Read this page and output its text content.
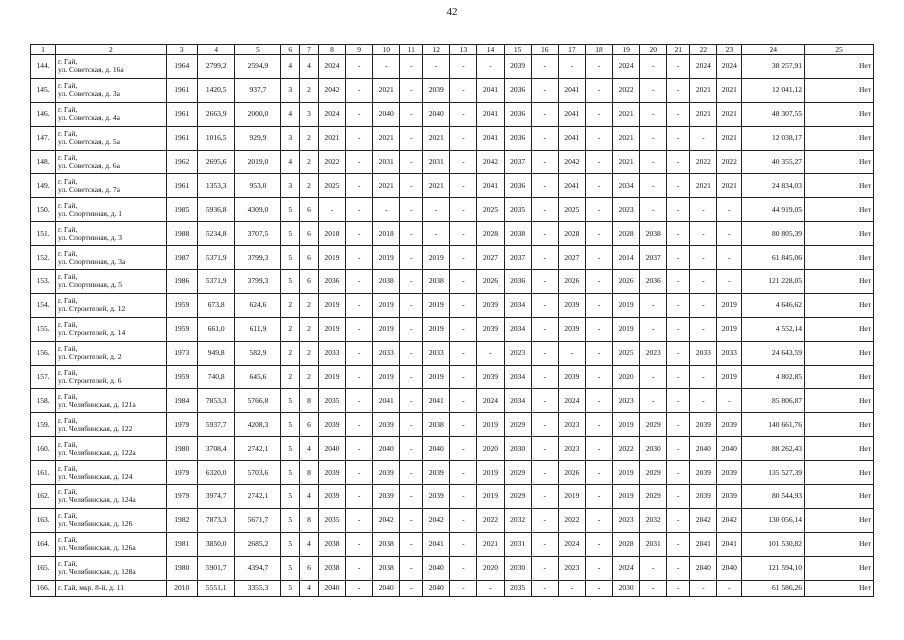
42
1	2	3	4	5	6	7	8	9	10	11	12	13	14	15	16	17	18	19	20	21	22	23	24	25
144.	г. Гай,
ул. Советская, д. 16а	1964	2799,2	2594,9	4	4	2024	-	-	-	-	-	-	2039	-	-	-	2024	-	-	2024	2024	38 257,91	Нет
145.	г. Гай,
ул. Советская, д. 3а	1961	1420,5	937,7	3	2	2042	-	2021	-	2039	-	2041	2036	-	2041	-	2022	-	-	2021	2021	12 041,12	Нет
146.	г. Гай,
ул. Советская, д. 4а	1961	2663,9	2000,0	4	3	2024	-	2040	-	2040	-	2041	2036	-	2041	-	2021	-	-	2021	2021	48 307,55	Нет
147.	г. Гай,
ул. Советская, д. 5а	1961	1016,5	929,9	3	2	2021	-	2021	-	2021	-	2041	2036	-	2041	-	2021	-	-	-	2021	12 038,17	Нет
148.	г. Гай,
ул. Советская, д. 6а	1962	2695,6	2019,0	4	2	2022	-	2031	-	2031	-	2042	2037	-	2042	-	2021	-	-	2022	2022	40 355,27	Нет
149.	г. Гай,
ул. Советская, д. 7а	1961	1353,3	953,0	3	2	2025	-	2021	-	2021	-	2041	2036	-	2041	-	2034	-	-	2021	2021	24 834,03	Нет
150.	г. Гай,
ул. Спортивная, д. 1	1985	5936,8	4309,0	5	6	-	-	-	-	-	-	2025	2035	-	2025	-	2023	-	-	-	-	44 919,05	Нет
151.	г. Гай,
ул. Спортивная, д. 3	1988	5234,8	3707,5	5	6	2018	-	2018	-	-	-	2028	2038	-	2028	-	2028	2038	-	-	-	80 805,39	Нет
152.	г. Гай,
ул. Спортивная, д. 3а	1987	5371,9	3799,3	5	6	2019	-	2019	-	2019	-	2027	2037	-	2027	-	2014	2037	-	-	-	61 845,06	Нет
153.	г. Гай,
ул. Спортивная, д. 5	1986	5371,9	3799,3	5	6	2036	-	2038	-	2038	-	2026	2036	-	2026	-	2026	2036	-	-	-	121 228,05	Нет
154.	г. Гай,
ул. Строителей, д. 12	1959	673,8	624,6	2	2	2019	-	2019	-	2019	-	2039	2034	-	2039	-	2019	-	-	-	2019	4 646,62	Нет
155.	г. Гай,
ул. Строителей, д. 14	1959	661,0	611,9	2	2	2019	-	2019	-	2019	-	2039	2034	-	2039	-	2019	-	-	-	2019	4 552,14	Нет
156.	г. Гай,
ул. Строителей, д. 2	1973	949,8	582,9	2	2	2033	-	2033	-	2033	-	-	2023	-	-	-	2025	2023	-	2033	2033	24 643,59	Нет
157.	г. Гай,
ул. Строителей, д. 6	1959	740,8	645,6	2	2	2019	-	2019	-	2019	-	2039	2034	-	2039	-	2020	-	-	-	2019	4 802,85	Нет
158.	г. Гай,
ул. Челябинская, д. 121а	1984	7853,3	5766,8	5	8	2035	-	2041	-	2041	-	2024	2034	-	2024	-	2023	-	-	-	-	85 806,87	Нет
159.	г. Гай,
ул. Челябинская, д. 122	1979	5937,7	4208,3	5	6	2039	-	2039	-	2038	-	2019	2029	-	2023	-	2019	2029	-	2039	2039	140 661,76	Нет
160.	г. Гай,
ул. Челябинская, д. 122а	1980	3708,4	2742,1	5	4	2040	-	2040	-	2040	-	2020	2030	-	2023	-	2022	2030	-	2040	2040	88 262,43	Нет
161.	г. Гай,
ул. Челябинская, д. 124	1979	6320,0	5703,6	5	8	2039	-	2039	-	2039	-	2019	2029	-	2026	-	2019	2029	-	2039	2039	135 527,39	Нет
162.	г. Гай,
ул. Челябинская, д. 124а	1979	3974,7	2742,1	5	4	2039	-	2039	-	2039	-	2019	2029	-	2019	-	2019	2029	-	2039	2039	80 544,93	Нет
163.	г. Гай,
ул. Челябинская, д. 126	1982	7873,3	5671,7	5	8	2035	-	2042	-	2042	-	2022	2032	-	2022	-	2023	2032	-	2042	2042	130 056,14	Нет
164.	г. Гай,
ул. Челябинская, д. 126а	1981	3850,0	2685,2	5	4	2038	-	2038	-	2041	-	2021	2031	-	2024	-	2028	2031	-	2041	2041	101 530,82	Нет
165.	г. Гай,
ул. Челябинская, д. 128а	1980	5901,7	4394,7	5	6	2038	-	2038	-	2040	-	2020	2030	-	2023	-	2024	-	-	2040	2040	121 594,10	Нет
166.	г. Гай, мкр. 8-й, д. 11	2010	5551,1	3355,3	5	4	2040	-	2040	-	2040	-	-	2035	-	-	-	2030	-	-	-	-	61 586,26	Нет
